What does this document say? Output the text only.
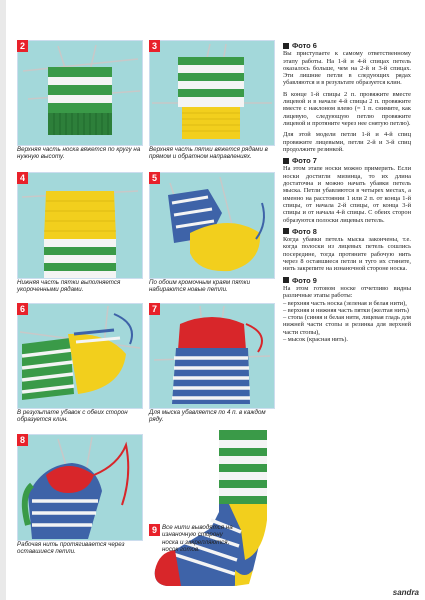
2
Верхняя часть носка вяжется по кругу на нужную высоту.
3
Верхняя часть пятки вяжется рядами в прямом и обратном направлениях.
4
Нижняя часть пятки выполняется укороченными рядами.
5
По обоим кромочным краям пятки набираются новые петли.
6
В результате убавок с обеих сторон образуется клин.
7
Для мыска убавляется по 4 п. в каждом ряду.
8
Рабочая нить протягивается через оставшиеся петли.
9 Все нити выводятся на изнаночную сторону носка и закрепляются, носок готов.
Фото 6

Вы приступаете к самому ответственному этапу работы. На 1-й и 4-й спицах петель оказалось больше, чем на 2-й и 3-й спицах. Эти лишние петли в следующих рядах убавляются и в результате образуется клин.

В конце 1-й спицы 2 п. провяжите вместе лицевой и в начале 4-й спицы 2 п. провяжите вместе с наклоном влево (= 1 п. снимите, как лицевую, следующую петлю провяжите лицевой и протяните через нее снятую петлю).

Для этой модели петли 1-й и 4-й спиц провяжите лицевыми, петли 2-й и 3-й спиц продолжите резинкой.

Фото 7

На этом этапе носки можно примерить. Если носки достигли мизинца, то их длина достаточна и можно начать убавки петель мыска. Петли убавляются в четырех местах, а именно на расстоянии 1 или 2 п. от конца 1-й спицы, от начала 2-й спицы, от конца 3-й спицы и от начала 4-й спицы. С обеих сторон образуются полоски лицевых петель.

Фото 8

Когда убавки петель мыска закончены, т.е. когда полоски из лицевых петель сошлись посередине, тогда протяните рабочую нить через 8 оставшиеся петли и туго их стяните, нить закрепите на изнаночной стороне носка.

Фото 9

На этом готовом носке отчетливо видны различные этапы работы:

– верхняя часть носка (зеленая и белая нити),
– верхняя и нижняя часть пятки (желтая нить)
– стопа (синяя и белая нити, лицевая гладь для нижней части стопы и резинка для верхней части стопы),
– мысок (красная нить).
sandra
